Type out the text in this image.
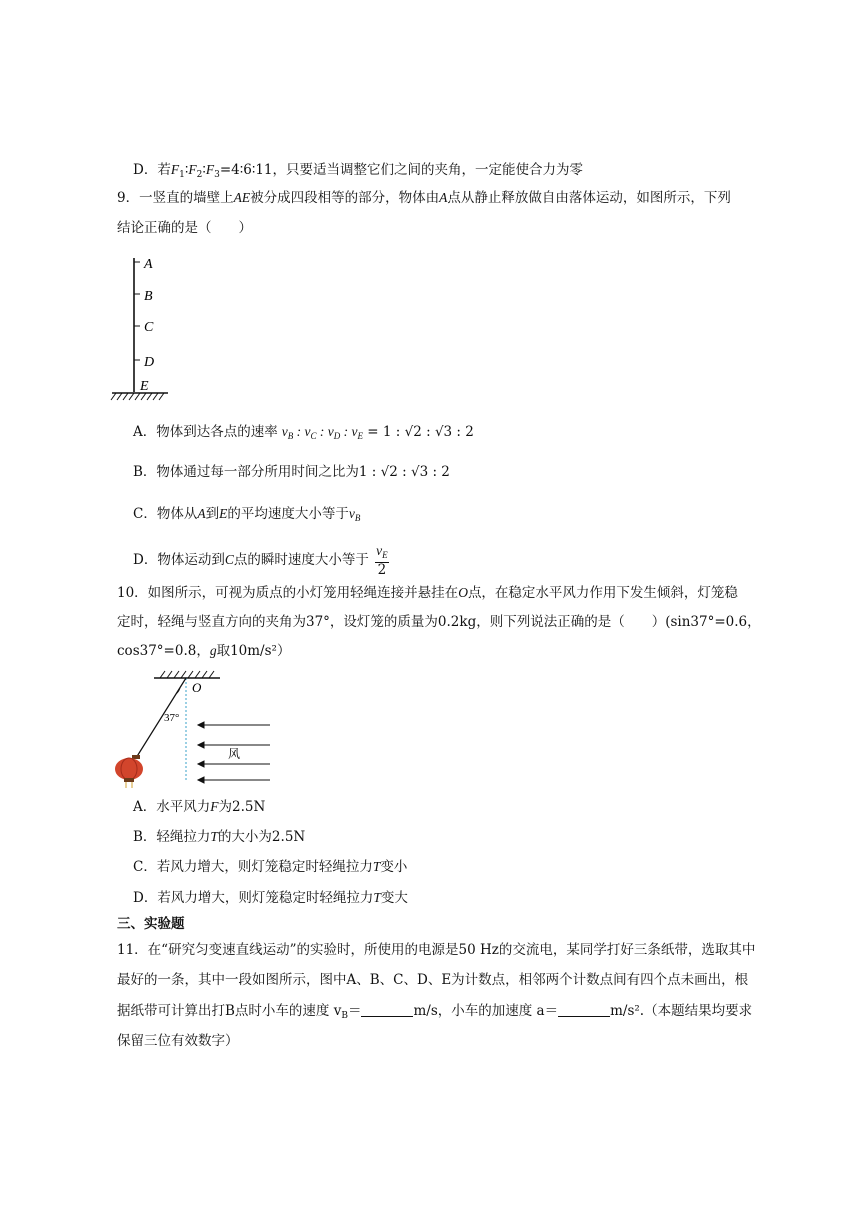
D．若$F_1∶F_2∶F_3=4∶6∶11$，只要适当调整它们之间的夹角，一定能使合力为零
9．一竖直的墙壁上AE被分成四段相等的部分，物体由A点从静止释放做自由落体运动，如图所示，下列
结论正确的是（　　）
A
B
C
D
E
A．物体到达各点的速率 $v_B$ : $v_C$ : $v_D$ : $v_E = 1$ : √2 : √3 : 2
B．物体通过每一部分所用时间之比为1 : √2 : √3 : 2
C．物体从A到E的平均速度大小等于$v_B$
D．物体运动到C点的瞬时速度大小等于 $\frac{v_E}{2}$
10．如图所示，可视为质点的小灯笼用轻绳连接并悬挂在O点，在稳定水平风力作用下发生倾斜，灯笼稳
定时，轻绳与竖直方向的夹角为37°，设灯笼的质量为0.2kg，则下列说法正确的是（　　）(sin37°=0.6，
cos37°=0.8，g取10m/s²）
O
37°
风
A．水平风力F为2.5N
B．轻绳拉力T的大小为2.5N
C．若风力增大，则灯笼稳定时轻绳拉力T变小
D．若风力增大，则灯笼稳定时轻绳拉力T变大
三、实验题
11．在“研究匀变速直线运动”的实验时，所使用的电源是50 Hz的交流电，某同学打好三条纸带，选取其中
最好的一条，其中一段如图所示，图中A、B、C、D、E为计数点，相邻两个计数点间有四个点未画出，根
据纸带可计算出打B点时小车的速度 $v_B=$	m/s，小车的加速度 a＝	m/s².（本题结果均要求
保留三位有效数字）
